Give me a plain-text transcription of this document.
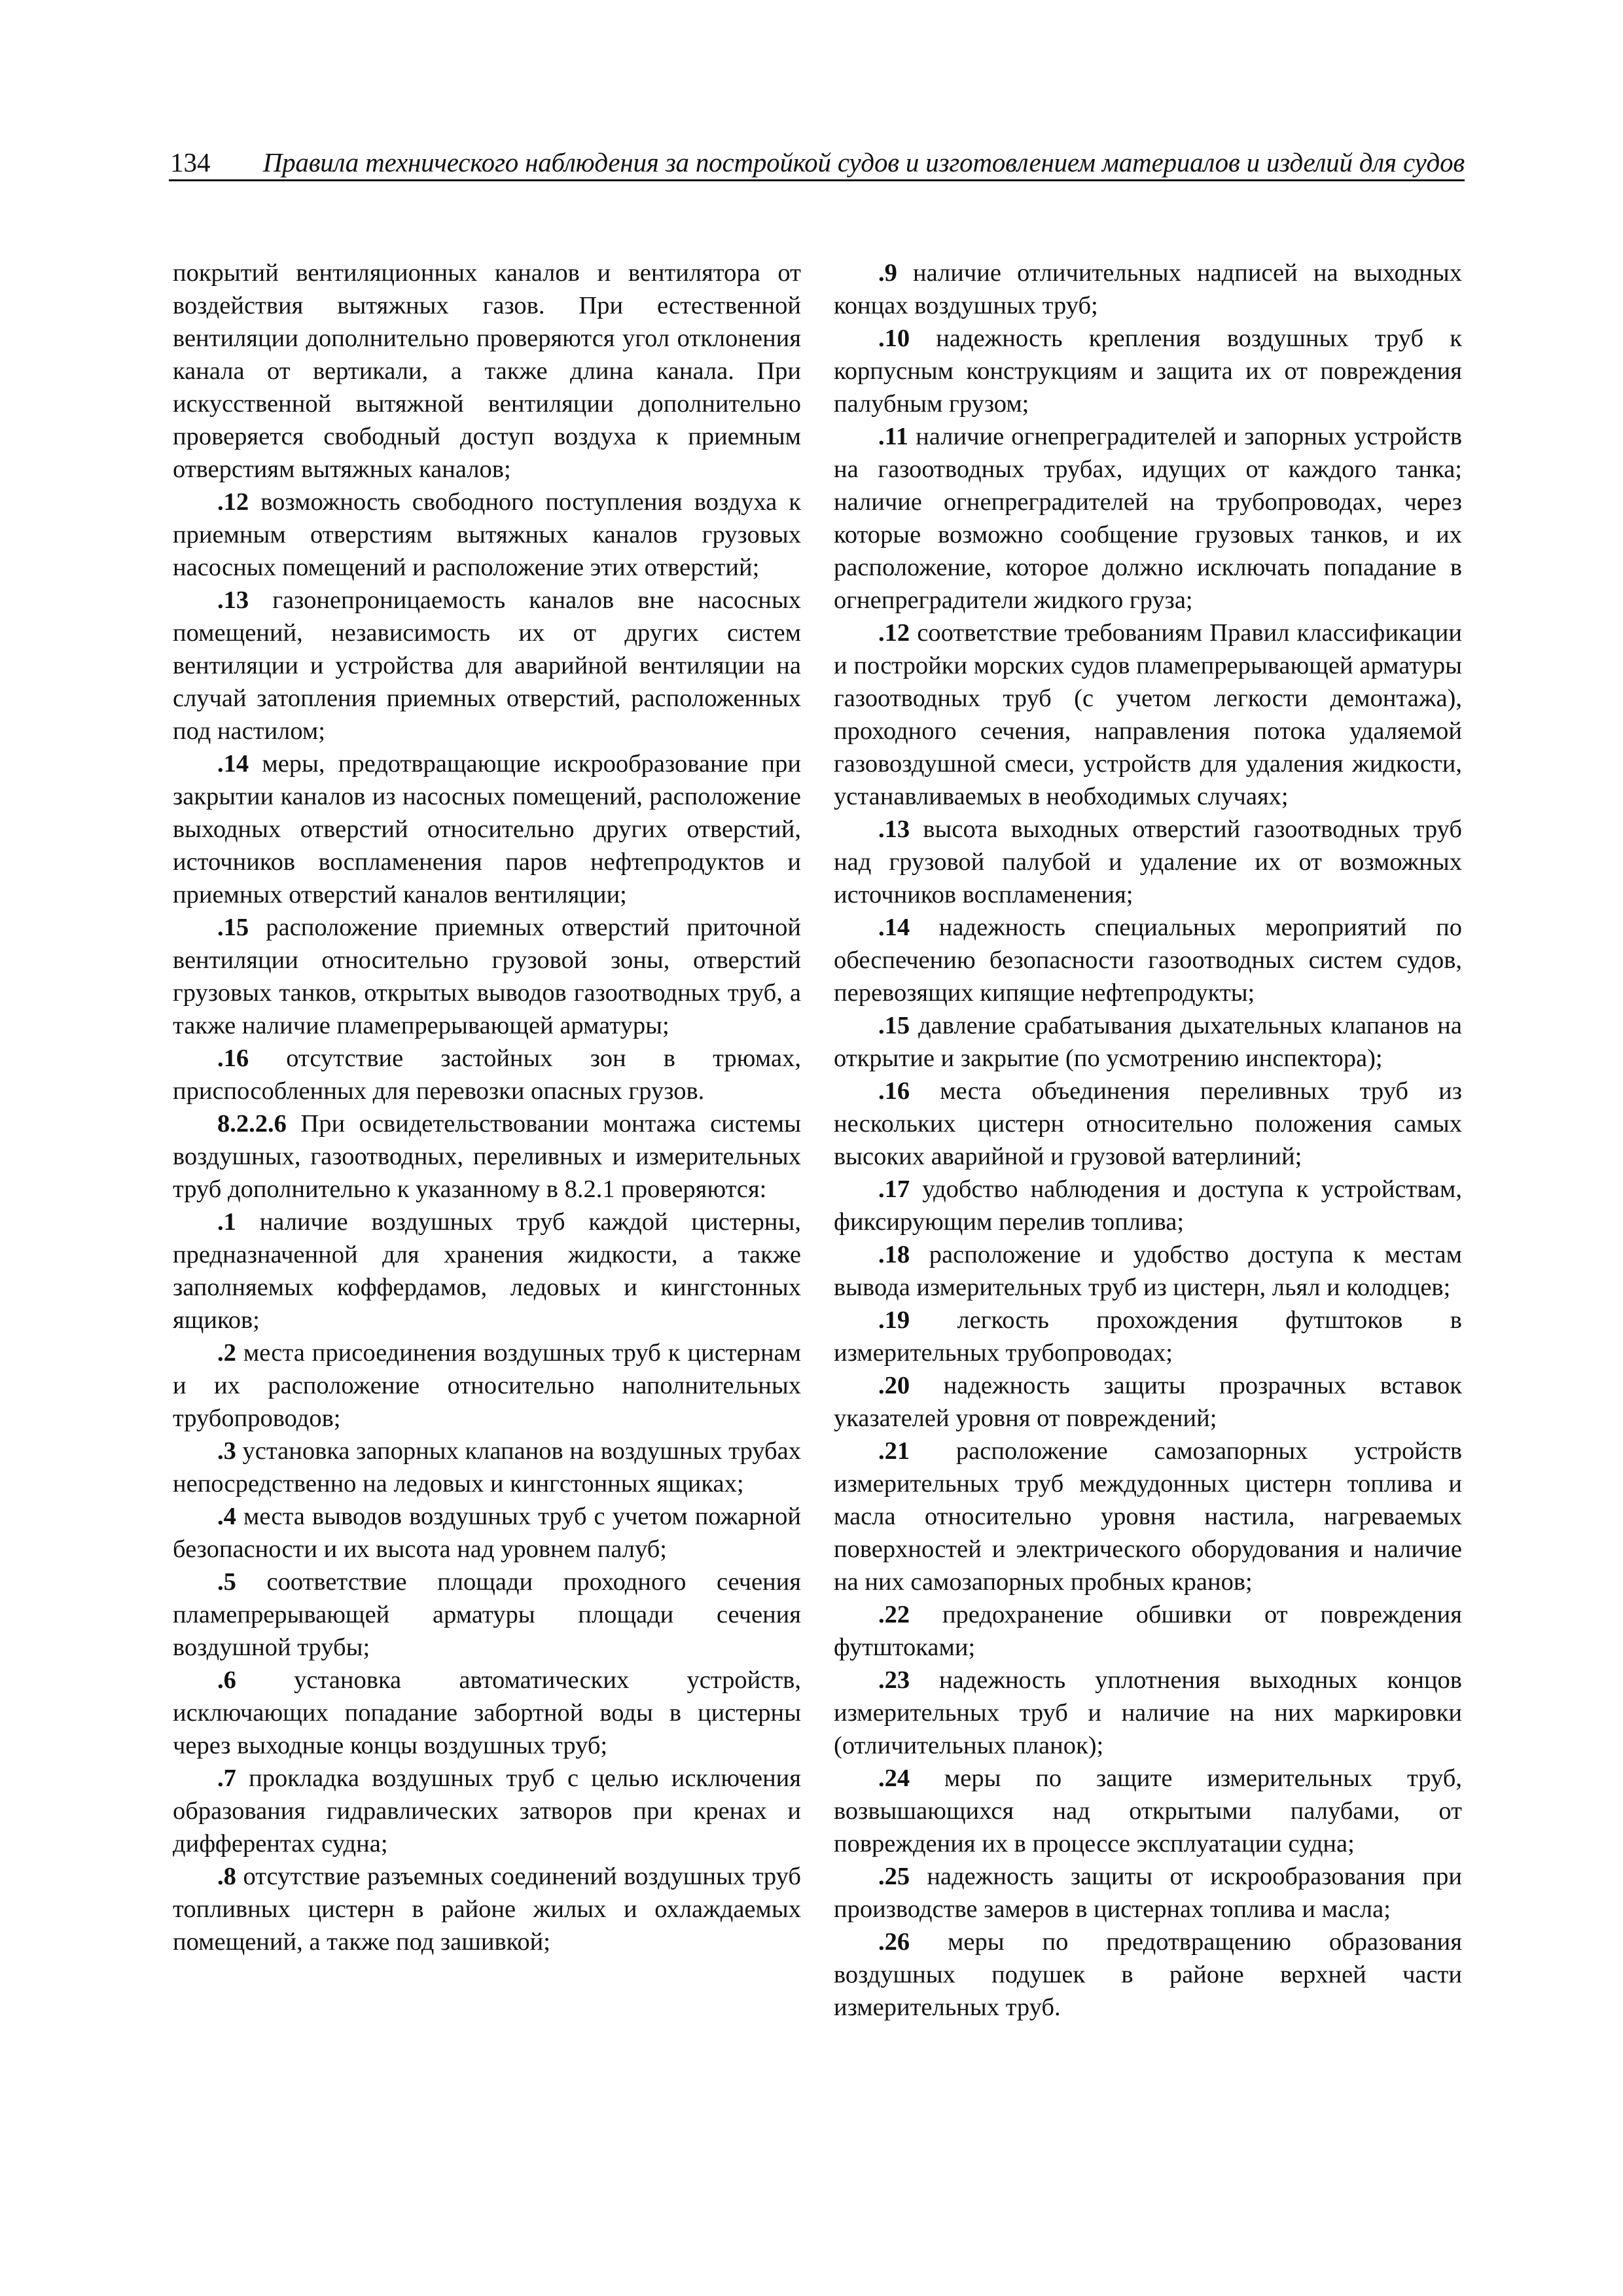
134 Правила технического наблюдения за постройкой судов и изготовлением материалов и изделий для судов

покрытий вентиляционных каналов и вентилятора от воздействия вытяжных газов. При естественной вентиляции дополнительно проверяются угол отклонения канала от вертикали, а также длина канала. При искусственной вытяжной вентиляции дополнительно проверяется свободный доступ воздуха к приемным отверстиям вытяжных каналов;

.12 возможность свободного поступления воздуха к приемным отверстиям вытяжных каналов грузовых насосных помещений и расположение этих отверстий;

.13 газонепроницаемость каналов вне насосных помещений, независимость их от других систем вентиляции и устройства для аварийной вентиляции на случай затопления приемных отверстий, расположенных под настилом;

.14 меры, предотвращающие искрообразование при закрытии каналов из насосных помещений, расположение выходных отверстий относительно других отверстий, источников воспламенения паров нефтепродуктов и приемных отверстий каналов вентиляции;

.15 расположение приемных отверстий приточной вентиляции относительно грузовой зоны, отверстий грузовых танков, открытых выводов газоотводных труб, а также наличие пламепрерывающей арматуры;

.16 отсутствие застойных зон в трюмах, приспособленных для перевозки опасных грузов.

8.2.2.6 При освидетельствовании монтажа системы воздушных, газоотводных, переливных и измерительных труб дополнительно к указанному в 8.2.1 проверяются:

.1 наличие воздушных труб каждой цистерны, предназначенной для хранения жидкости, а также заполняемых коффердамов, ледовых и кингстонных ящиков;

.2 места присоединения воздушных труб к цистернам и их расположение относительно наполнительных трубопроводов;

.3 установка запорных клапанов на воздушных трубах непосредственно на ледовых и кингстонных ящиках;

.4 места выводов воздушных труб с учетом пожарной безопасности и их высота над уровнем палуб;

.5 соответствие площади проходного сечения пламепрерывающей арматуры площади сечения воздушной трубы;

.6 установка автоматических устройств, исключающих попадание забортной воды в цистерны через выходные концы воздушных труб;

.7 прокладка воздушных труб с целью исключения образования гидравлических затворов при кренах и дифферентах судна;

.8 отсутствие разъемных соединений воздушных труб топливных цистерн в районе жилых и охлаждаемых помещений, а также под зашивкой;

.9 наличие отличительных надписей на выходных концах воздушных труб;

.10 надежность крепления воздушных труб к корпусным конструкциям и защита их от повреждения палубным грузом;

.11 наличие огнепреградителей и запорных устройств на газоотводных трубах, идущих от каждого танка; наличие огнепреградителей на трубопроводах, через которые возможно сообщение грузовых танков, и их расположение, которое должно исключать попадание в огнепреградители жидкого груза;

.12 соответствие требованиям Правил классификации и постройки морских судов пламепрерывающей арматуры газоотводных труб (с учетом легкости демонтажа), проходного сечения, направления потока удаляемой газовоздушной смеси, устройств для удаления жидкости, устанавливаемых в необходимых случаях;

.13 высота выходных отверстий газоотводных труб над грузовой палубой и удаление их от возможных источников воспламенения;

.14 надежность специальных мероприятий по обеспечению безопасности газоотводных систем судов, перевозящих кипящие нефтепродукты;

.15 давление срабатывания дыхательных клапанов на открытие и закрытие (по усмотрению инспектора);

.16 места объединения переливных труб из нескольких цистерн относительно положения самых высоких аварийной и грузовой ватерлиний;

.17 удобство наблюдения и доступа к устройствам, фиксирующим перелив топлива;

.18 расположение и удобство доступа к местам вывода измерительных труб из цистерн, льял и колодцев;

.19 легкость прохождения футштоков в измерительных трубопроводах;

.20 надежность защиты прозрачных вставок указателей уровня от повреждений;

.21 расположение самозапорных устройств измерительных труб междудонных цистерн топлива и масла относительно уровня настила, нагреваемых поверхностей и электрического оборудования и наличие на них самозапорных пробных кранов;

.22 предохранение обшивки от повреждения футштоками;

.23 надежность уплотнения выходных концов измерительных труб и наличие на них маркировки (отличительных планок);

.24 меры по защите измерительных труб, возвышающихся над открытыми палубами, от повреждения их в процессе эксплуатации судна;

.25 надежность защиты от искрообразования при производстве замеров в цистернах топлива и масла;

.26 меры по предотвращению образования воздушных подушек в районе верхней части измерительных труб.
